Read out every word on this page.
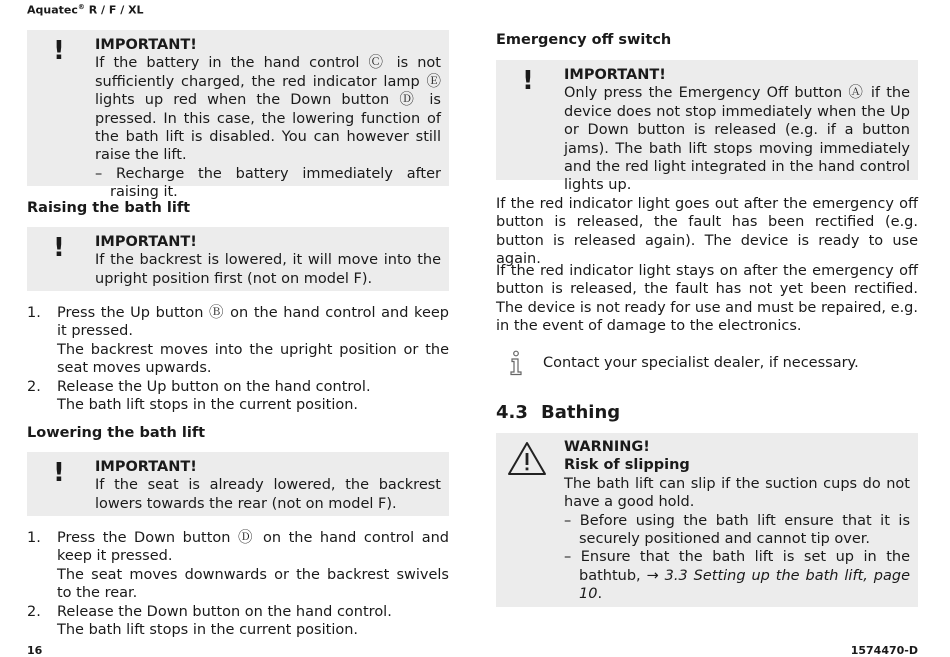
Aquatec® R / F / XL
! IMPORTANT!
If the battery in the hand control Ⓒ is not sufficiently charged, the red indicator lamp Ⓔ lights up red when the Down button Ⓓ is pressed. In this case, the lowering function of the bath lift is disabled. You can however still raise the lift.
– Recharge the battery immediately after raising it.
Raising the bath lift
! IMPORTANT!
If the backrest is lowered, it will move into the upright position first (not on model F).
1. Press the Up button Ⓑ on the hand control and keep it pressed.
The backrest moves into the upright position or the seat moves upwards.
2. Release the Up button on the hand control.
The bath lift stops in the current position.
Lowering the bath lift
! IMPORTANT!
If the seat is already lowered, the backrest lowers towards the rear (not on model F).
1. Press the Down button Ⓓ on the hand control and keep it pressed.
The seat moves downwards or the backrest swivels to the rear.
2. Release the Down button on the hand control.
The bath lift stops in the current position.
Emergency off switch
! IMPORTANT!
Only press the Emergency Off button Ⓐ if the device does not stop immediately when the Up or Down button is released (e.g. if a button jams). The bath lift stops moving immediately and the red light integrated in the hand control lights up.
If the red indicator light goes out after the emergency off button is released, the fault has been rectified (e.g. button is released again). The device is ready to use again.
If the red indicator light stays on after the emergency off button is released, the fault has not yet been rectified. The device is not ready for use and must be repaired, e.g. in the event of damage to the electronics.
Contact your specialist dealer, if necessary.
4.3 Bathing
WARNING!
Risk of slipping
The bath lift can slip if the suction cups do not have a good hold.
– Before using the bath lift ensure that it is securely positioned and cannot tip over.
– Ensure that the bath lift is set up in the bathtub, → 3.3 Setting up the bath lift, page 10.
16	1574470-D
